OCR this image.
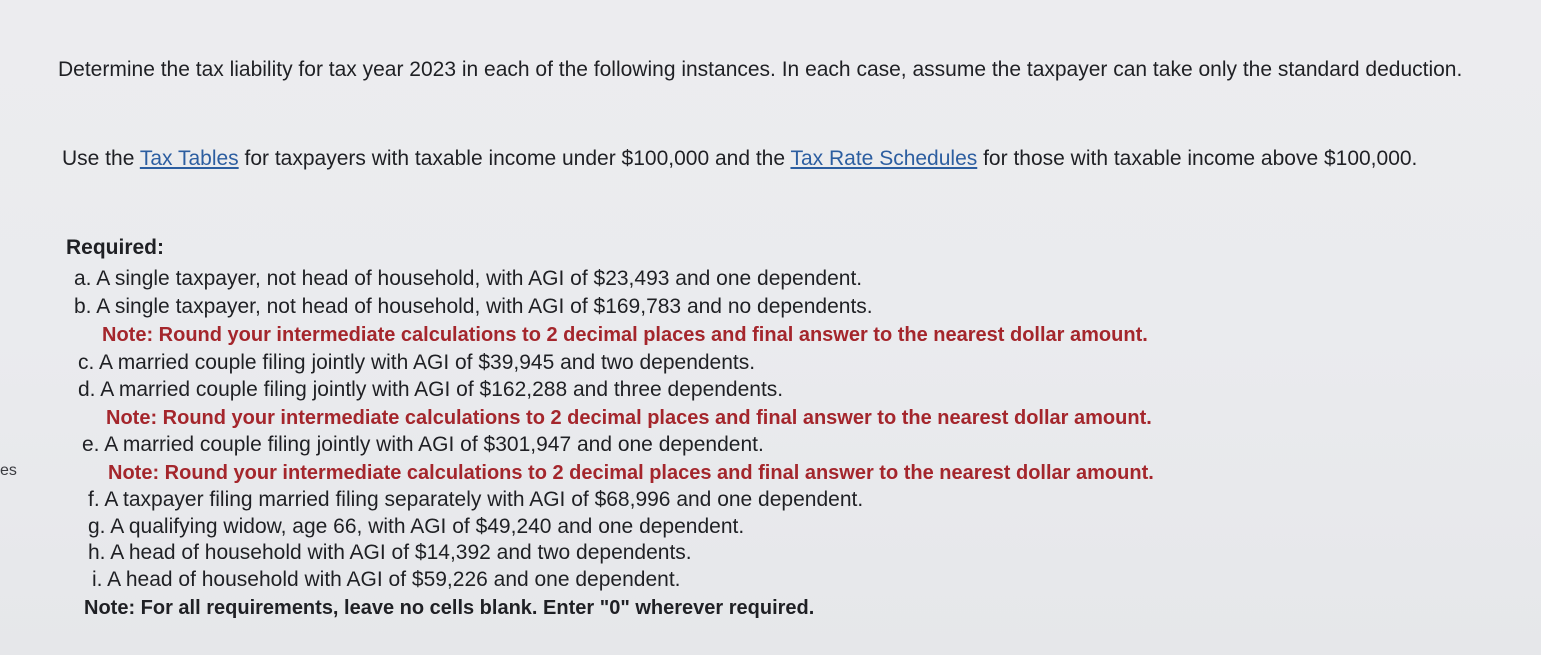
es

Determine the tax liability for tax year 2023 in each of the following instances. In each case, assume the taxpayer can take only the standard deduction.

Use the Tax Tables for taxpayers with taxable income under $100,000 and the Tax Rate Schedules for those with taxable income above $100,000.

Required:

a. A single taxpayer, not head of household, with AGI of $23,493 and one dependent.

b. A single taxpayer, not head of household, with AGI of $169,783 and no dependents.

Note: Round your intermediate calculations to 2 decimal places and final answer to the nearest dollar amount.

c. A married couple filing jointly with AGI of $39,945 and two dependents.

d. A married couple filing jointly with AGI of $162,288 and three dependents.

Note: Round your intermediate calculations to 2 decimal places and final answer to the nearest dollar amount.

e. A married couple filing jointly with AGI of $301,947 and one dependent.

Note: Round your intermediate calculations to 2 decimal places and final answer to the nearest dollar amount.

f. A taxpayer filing married filing separately with AGI of $68,996 and one dependent.

g. A qualifying widow, age 66, with AGI of $49,240 and one dependent.

h. A head of household with AGI of $14,392 and two dependents.

i. A head of household with AGI of $59,226 and one dependent.

Note: For all requirements, leave no cells blank. Enter "0" wherever required.
